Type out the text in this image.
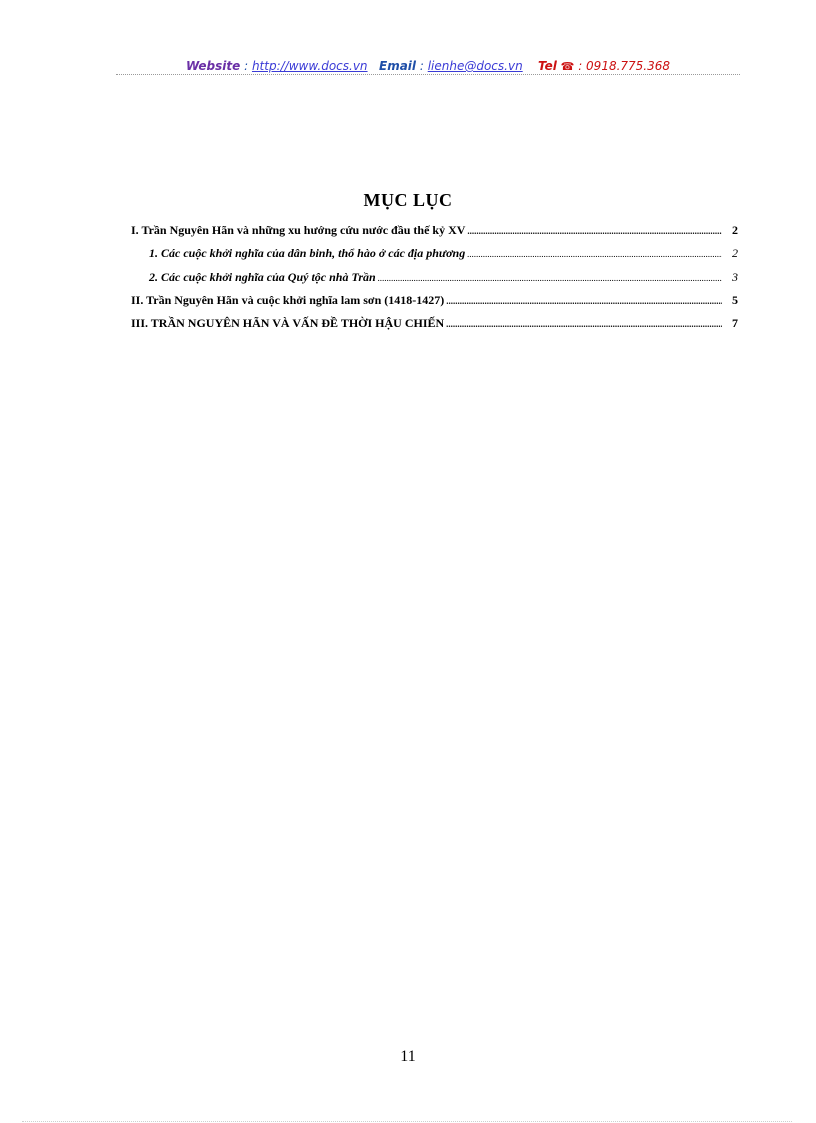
Website : http://www.docs.vn Email : lienhe@docs.vn Tel ☎ : 0918.775.368
MỤC LỤC
I. Trần Nguyên Hãn và những xu hướng cứu nước đầu thế kỷ XV .....	2
1. Các cuộc khởi nghĩa của dân binh, thổ hào ở các địa phương .....	2
2. Các cuộc khởi nghĩa của Quý tộc nhà Trần .....	3
II. Trần Nguyên Hãn và cuộc khởi nghĩa lam sơn (1418-1427) .....	5
III. TRẦN NGUYÊN HÃN VÀ VẤN ĐỀ THỜI HẬU CHIẾN .....	7
11
